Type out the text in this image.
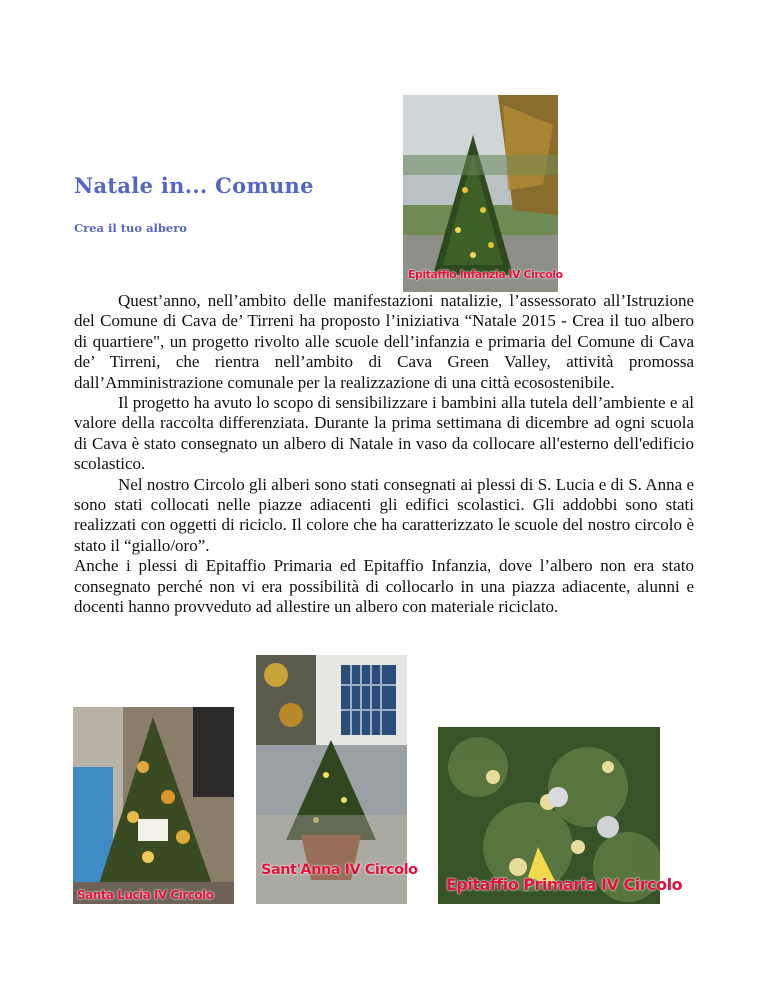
Natale in... Comune
Crea il tuo albero
Epitaffio Infanzia IV Circolo

Quest’anno, nell’ambito delle manifestazioni natalizie, l’assessorato all’Istruzione del Comune di Cava de’ Tirreni ha proposto l’iniziativa “Natale 2015 - Crea il tuo albero di quartiere", un progetto rivolto alle scuole dell’infanzia e primaria del Comune di Cava de’ Tirreni, che rientra nell’ambito di Cava Green Valley, attività promossa dall’Amministrazione comunale per la realizzazione di una città ecosostenibile.

Il progetto ha avuto lo scopo di sensibilizzare i bambini alla tutela dell’ambiente e al valore della raccolta differenziata. Durante la prima settimana di dicembre ad ogni scuola di Cava è stato consegnato un albero di Natale in vaso da collocare all'esterno dell'edificio scolastico.

Nel nostro Circolo gli alberi sono stati consegnati ai plessi di S. Lucia e di S. Anna e sono stati collocati nelle piazze adiacenti gli edifici scolastici. Gli addobbi sono stati realizzati con oggetti di riciclo. Il colore che ha caratterizzato le scuole del nostro circolo è stato il “giallo/oro”.

Anche i plessi di Epitaffio Primaria ed Epitaffio Infanzia, dove l’albero non era stato consegnato perché non vi era possibilità di collocarlo in una piazza adiacente, alunni e docenti hanno provveduto ad allestire un albero con materiale riciclato.

Santa Lucia IV Circolo
Sant'Anna IV Circolo
Epitaffio Primaria IV Circolo
